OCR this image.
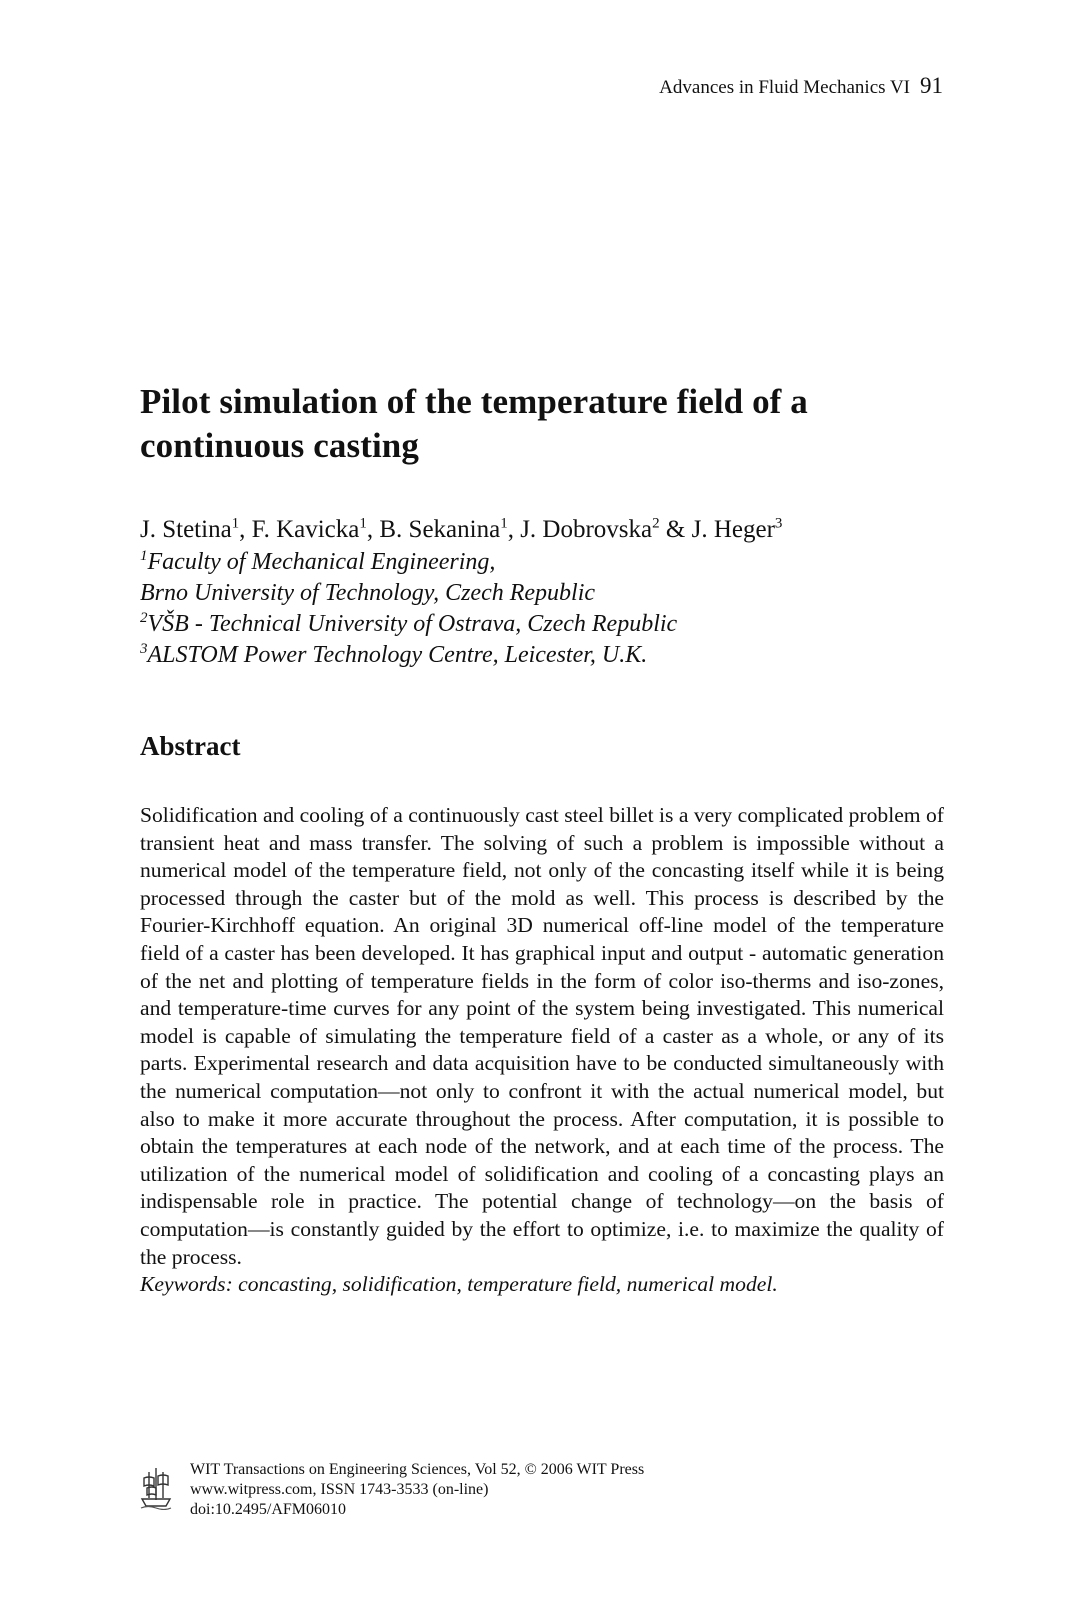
Advances in Fluid Mechanics VI 91
Pilot simulation of the temperature field of a
continuous casting
J. Stetina$^1$, F. Kavicka$^1$, B. Sekanina$^1$, J. Dobrovska$^2$ & J. Heger$^3$
$^1$Faculty of Mechanical Engineering,
Brno University of Technology, Czech Republic
$^2$VŠB - Technical University of Ostrava, Czech Republic
$^3$ALSTOM Power Technology Centre, Leicester, U.K.
Abstract

Solidification and cooling of a continuously cast steel billet is a very complicated problem of transient heat and mass transfer. The solving of such a problem is impossible without a numerical model of the temperature field, not only of the concasting itself while it is being processed through the caster but of the mold as well. This process is described by the Fourier-Kirchhoff equation. An original 3D numerical off-line model of the temperature field of a caster has been developed. It has graphical input and output - automatic generation of the net and plotting of temperature fields in the form of color iso-therms and iso-zones, and temperature-time curves for any point of the system being investigated. This numerical model is capable of simulating the temperature field of a caster as a whole, or any of its parts. Experimental research and data acquisition have to be conducted simultaneously with the numerical computation—not only to confront it with the actual numerical model, but also to make it more accurate throughout the process. After computation, it is possible to obtain the temperatures at each node of the network, and at each time of the process. The utilization of the numerical model of solidification and cooling of a concasting plays an indispensable role in practice. The potential change of technology—on the basis of computation—is constantly guided by the effort to optimize, i.e. to maximize the quality of the process.

Keywords: concasting, solidification, temperature field, numerical model.

WIT Transactions on Engineering Sciences, Vol 52, © 2006 WIT Press
www.witpress.com, ISSN 1743-3533 (on-line)
doi:10.2495/AFM06010
